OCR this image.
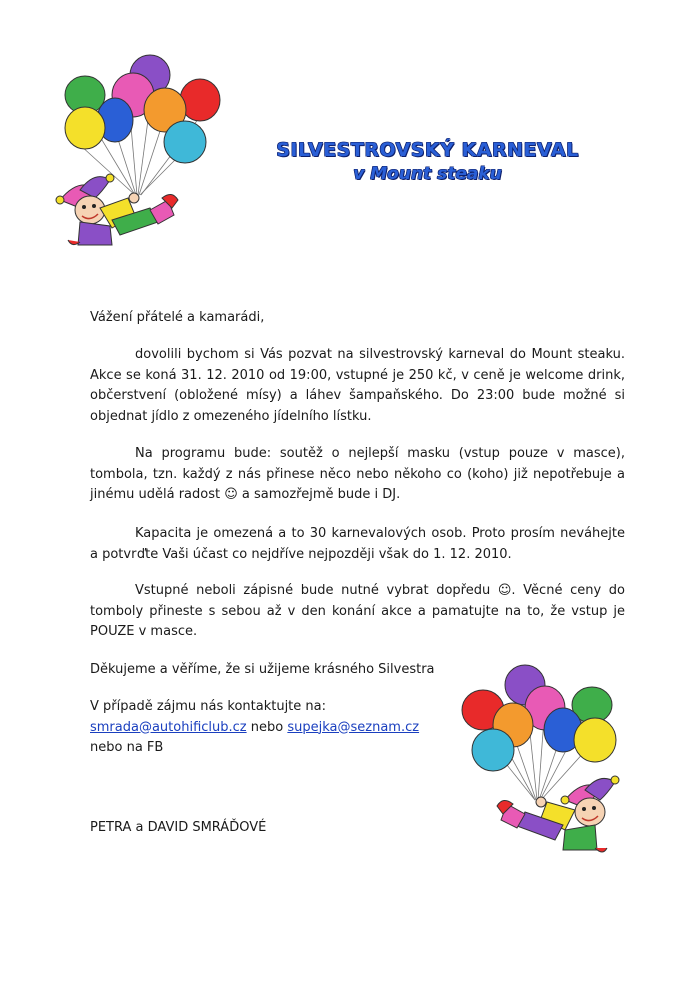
SILVESTROVSKÝ KARNEVAL
v Mount steaku
Vážení přátelé a kamarádi,
dovolili bychom si Vás pozvat na silvestrovský karneval do Mount steaku. Akce se koná 31. 12. 2010 od 19:00, vstupné je 250 kč, v ceně je welcome drink, občerstvení (obložené mísy) a láhev šampaňského. Do 23:00 bude možné si objednat jídlo z omezeného jídelního lístku.
Na programu bude: soutěž o nejlepší masku (vstup pouze v masce), tombola, tzn. každý z nás přinese něco nebo někoho co (koho) již nepotřebuje a jinému udělá radost ☺ a samozřejmě bude i DJ.
Kapacita je omezená a to 30 karnevalových osob. Proto prosím neváhejte a potvrďte Vaši účast co nejdříve nejpozději však do 1. 12. 2010.
Vstupné neboli zápisné bude nutné vybrat dopředu ☺. Věcné ceny do tomboly přineste s sebou až v den konání akce a pamatujte na to, že vstup je POUZE v masce.
Děkujeme a věříme, že si užijeme krásného Silvestra
V případě zájmu nás kontaktujte na:
smrada@autohificlub.cz nebo supejka@seznam.cz
nebo na FB
PETRA a DAVID SMRÁĎOVÉ
